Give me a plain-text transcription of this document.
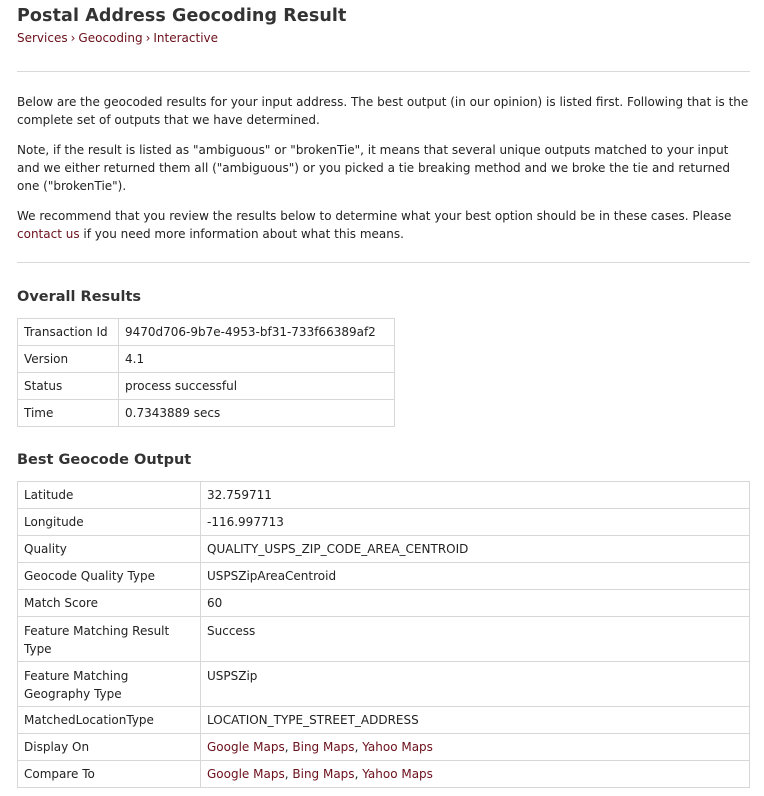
Postal Address Geocoding Result
Services › Geocoding › Interactive

Below are the geocoded results for your input address. The best output (in our opinion) is listed first. Following that is the complete set of outputs that we have determined.

Note, if the result is listed as "ambiguous" or "brokenTie", it means that several unique outputs matched to your input and we either returned them all ("ambiguous") or you picked a tie breaking method and we broke the tie and returned one ("brokenTie").

We recommend that you review the results below to determine what your best option should be in these cases. Please contact us if you need more information about what this means.

Overall Results
Transaction Id	9470d706-9b7e-4953-bf31-733f66389af2
Version	4.1
Status	process successful
Time	0.7343889 secs
Best Geocode Output
Latitude	32.759711
Longitude	-116.997713
Quality	QUALITY_USPS_ZIP_CODE_AREA_CENTROID
Geocode Quality Type	USPSZipAreaCentroid
Match Score	60
Feature Matching Result Type	Success
Feature Matching Geography Type	USPSZip
MatchedLocationType	LOCATION_TYPE_STREET_ADDRESS
Display On	Google Maps, Bing Maps, Yahoo Maps
Compare To	Google Maps, Bing Maps, Yahoo Maps
